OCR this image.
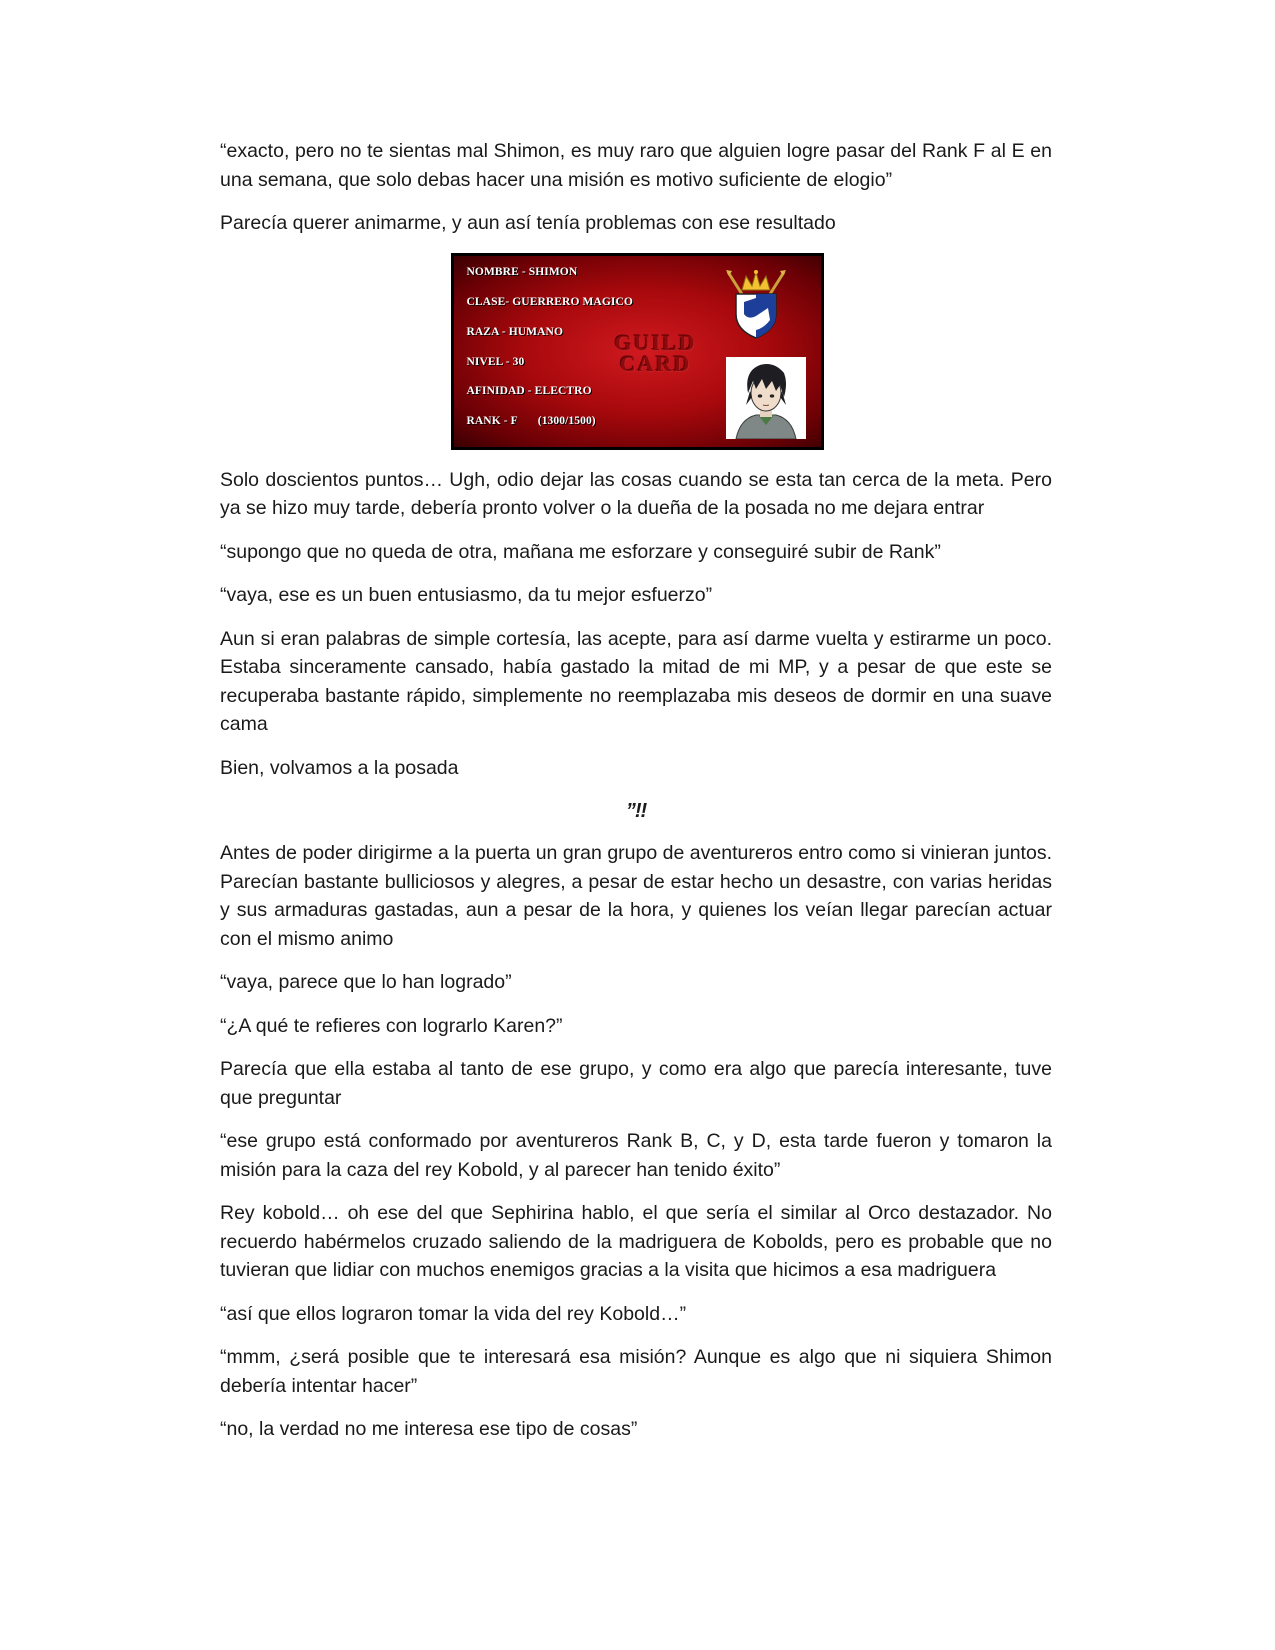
“exacto, pero no te sientas mal Shimon, es muy raro que alguien logre pasar del Rank F al E en una semana, que solo debas hacer una misión es motivo suficiente de elogio”

Parecía querer animarme, y aun así tenía problemas con ese resultado

NOMBRE - SHIMON
CLASE- GUERRERO MAGICO
RAZA - HUMANO
NIVEL - 30
AFINIDAD - ELECTRO
RANK - F (1300/1500)
GUILD
CARD

Solo doscientos puntos… Ugh, odio dejar las cosas cuando se esta tan cerca de la meta. Pero ya se hizo muy tarde, debería pronto volver o la dueña de la posada no me dejara entrar

“supongo que no queda de otra, mañana me esforzare y conseguiré subir de Rank”

“vaya, ese es un buen entusiasmo, da tu mejor esfuerzo”

Aun si eran palabras de simple cortesía, las acepte, para así darme vuelta y estirarme un poco. Estaba sinceramente cansado, había gastado la mitad de mi MP, y a pesar de que este se recuperaba bastante rápido, simplemente no reemplazaba mis deseos de dormir en una suave cama

Bien, volvamos a la posada

”!!

Antes de poder dirigirme a la puerta un gran grupo de aventureros entro como si vinieran juntos. Parecían bastante bulliciosos y alegres, a pesar de estar hecho un desastre, con varias heridas y sus armaduras gastadas, aun a pesar de la hora, y quienes los veían llegar parecían actuar con el mismo animo

“vaya, parece que lo han logrado”

“¿A qué te refieres con lograrlo Karen?”

Parecía que ella estaba al tanto de ese grupo, y como era algo que parecía interesante, tuve que preguntar

“ese grupo está conformado por aventureros Rank B, C, y D, esta tarde fueron y tomaron la misión para la caza del rey Kobold, y al parecer han tenido éxito”

Rey kobold… oh ese del que Sephirina hablo, el que sería el similar al Orco destazador. No recuerdo habérmelos cruzado saliendo de la madriguera de Kobolds, pero es probable que no tuvieran que lidiar con muchos enemigos gracias a la visita que hicimos a esa madriguera

“así que ellos lograron tomar la vida del rey Kobold…”

“mmm, ¿será posible que te interesará esa misión? Aunque es algo que ni siquiera Shimon debería intentar hacer”

“no, la verdad no me interesa ese tipo de cosas”
